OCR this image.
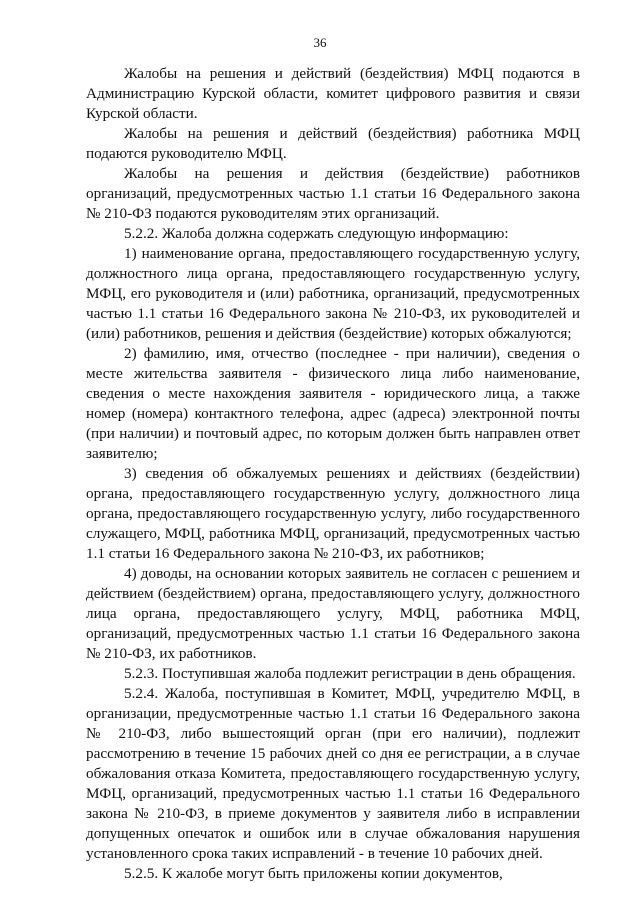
36

Жалобы на решения и действий (бездействия) МФЦ подаются в Администрацию Курской области, комитет цифрового развития и связи Курской области.

Жалобы на решения и действий (бездействия) работника МФЦ подаются руководителю МФЦ.

Жалобы на решения и действия (бездействие) работников организаций, предусмотренных частью 1.1 статьи 16 Федерального закона № 210-ФЗ подаются руководителям этих организаций.

5.2.2. Жалоба должна содержать следующую информацию:

1) наименование органа, предоставляющего государственную услугу, должностного лица органа, предоставляющего государственную услугу, МФЦ, его руководителя и (или) работника, организаций, предусмотренных частью 1.1 статьи 16 Федерального закона № 210-ФЗ, их руководителей и (или) работников, решения и действия (бездействие) которых обжалуются;

2) фамилию, имя, отчество (последнее - при наличии), сведения о месте жительства заявителя - физического лица либо наименование, сведения о месте нахождения заявителя - юридического лица, а также номер (номера) контактного телефона, адрес (адреса) электронной почты (при наличии) и почтовый адрес, по которым должен быть направлен ответ заявителю;

3) сведения об обжалуемых решениях и действиях (бездействии) органа, предоставляющего государственную услугу, должностного лица органа, предоставляющего государственную услугу, либо государственного служащего, МФЦ, работника МФЦ, организаций, предусмотренных частью 1.1 статьи 16 Федерального закона № 210-ФЗ, их работников;

4) доводы, на основании которых заявитель не согласен с решением и действием (бездействием) органа, предоставляющего услугу, должностного лица органа, предоставляющего услугу, МФЦ, работника МФЦ, организаций, предусмотренных частью 1.1 статьи 16 Федерального закона № 210-ФЗ, их работников.

5.2.3. Поступившая жалоба подлежит регистрации в день обращения.

5.2.4. Жалоба, поступившая в Комитет, МФЦ, учредителю МФЦ, в организации, предусмотренные частью 1.1 статьи 16 Федерального закона № 210-ФЗ, либо вышестоящий орган (при его наличии), подлежит рассмотрению в течение 15 рабочих дней со дня ее регистрации, а в случае обжалования отказа Комитета, предоставляющего государственную услугу, МФЦ, организаций, предусмотренных частью 1.1 статьи 16 Федерального закона № 210-ФЗ, в приеме документов у заявителя либо в исправлении допущенных опечаток и ошибок или в случае обжалования нарушения установленного срока таких исправлений - в течение 10 рабочих дней.

5.2.5. К жалобе могут быть приложены копии документов,
